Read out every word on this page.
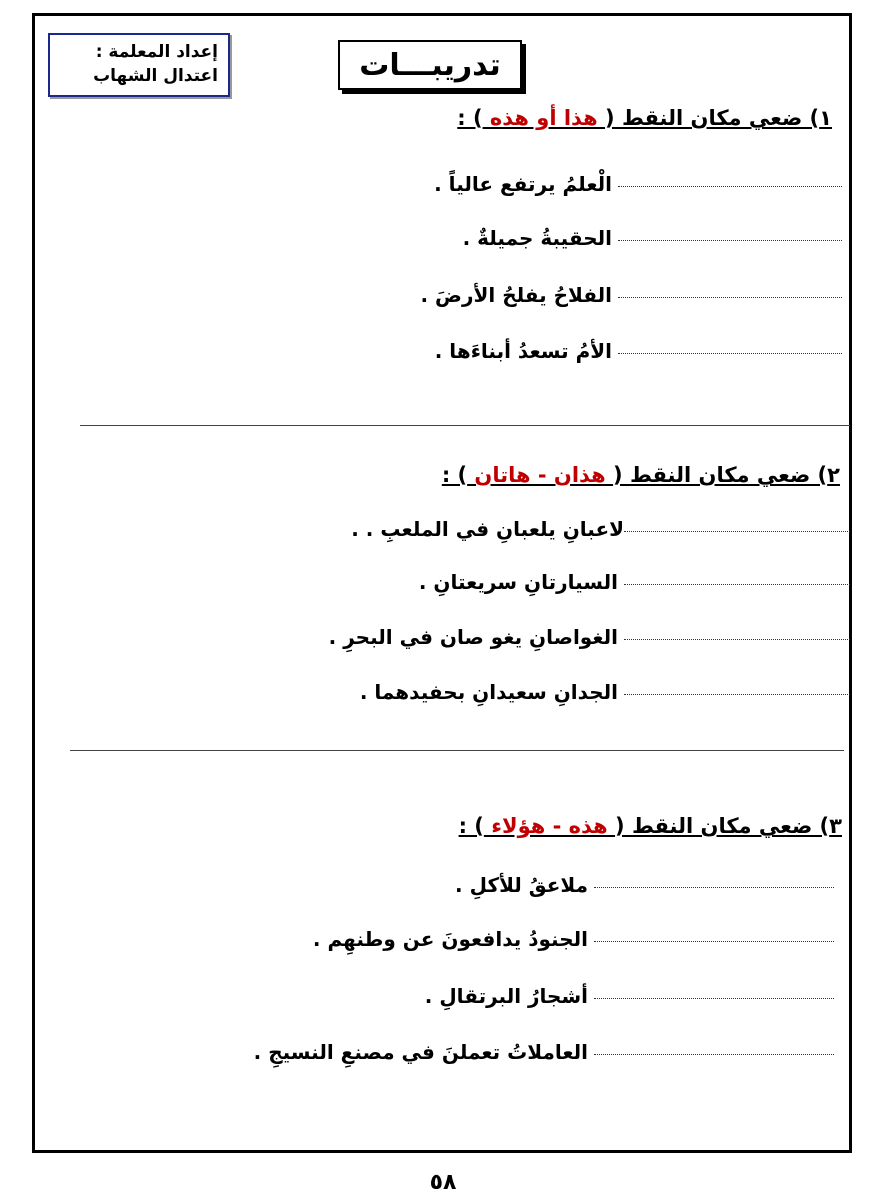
إعداد المعلمة :
اعتدال الشهاب	تدريبـــات
١) ضعي مكان النقط ( هذا أو هذه ) :
الْعلمُ يرتفع عالياً .
الحقيبةُ جميلةٌ .
الفلاحُ يفلحُ الأرضَ .
الأمُ تسعدُ أبناءَها .
٢) ضعي مكان النقط ( هذان - هاتان ) :
لاعبانِ يلعبانِ في الملعبِ . .
السيارتانِ سريعتانِ .
الغواصانِ يغو صان في البحرِ .
الجدانِ سعيدانِ بحفيدهما .
٣) ضعي مكان النقط ( هذه - هؤلاء ) :
ملاعقُ للأكلِ .
الجنودُ يدافعونَ عن وطنهِم .
أشجارُ البرتقالِ .
العاملاتُ تعملنَ في مصنعِ النسيجِ .
٥٨
